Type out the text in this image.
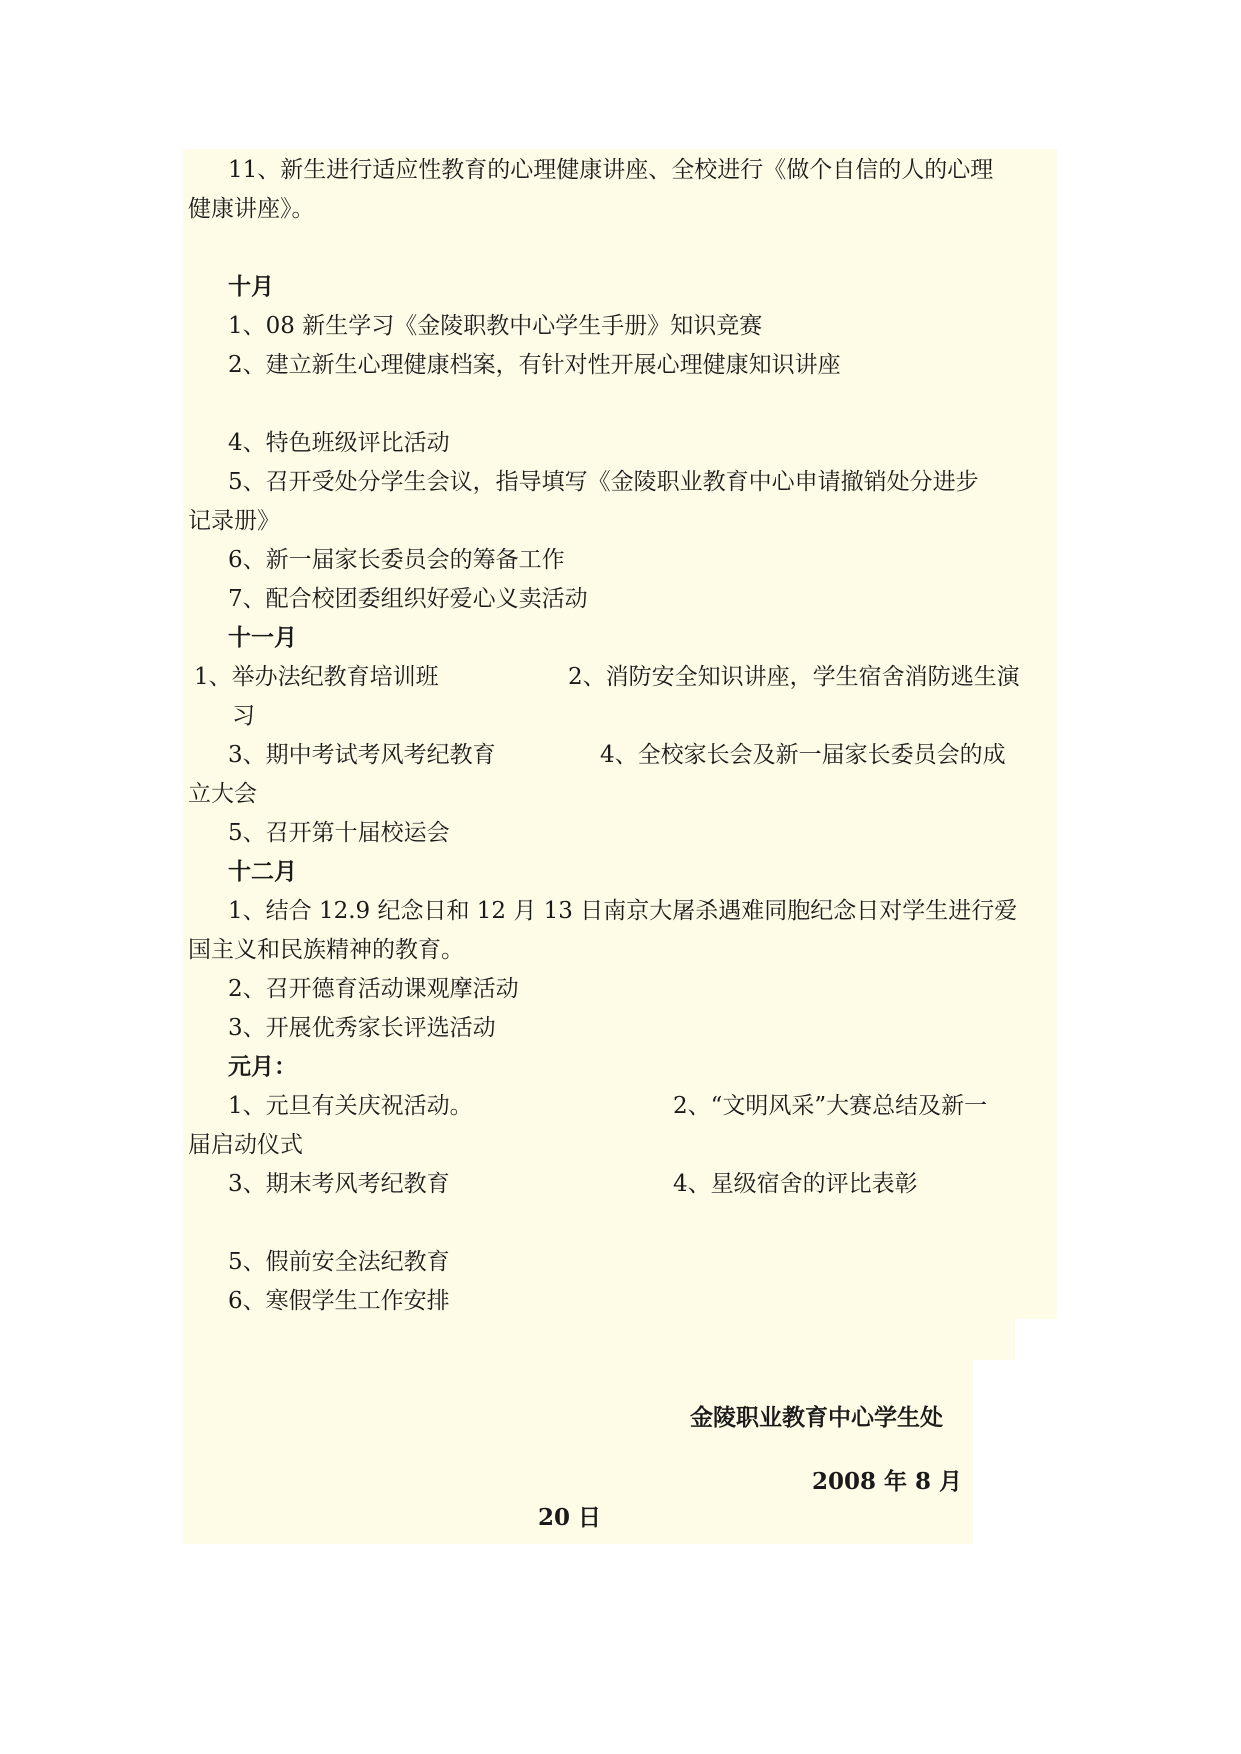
11、新生进行适应性教育的心理健康讲座、全校进行《做个自信的人的心理
健康讲座》。
十月
1、08 新生学习《金陵职教中心学生手册》知识竞赛
2、建立新生心理健康档案，有针对性开展心理健康知识讲座
4、特色班级评比活动
5、召开受处分学生会议，指导填写《金陵职业教育中心申请撤销处分进步
记录册》
6、新一届家长委员会的筹备工作
7、配合校团委组织好爱心义卖活动
十一月
1、举办法纪教育培训班	2、消防安全知识讲座，学生宿舍消防逃生演
习
3、期中考试考风考纪教育	4、全校家长会及新一届家长委员会的成
立大会
5、召开第十届校运会
十二月
1、结合 12.9 纪念日和 12 月 13 日南京大屠杀遇难同胞纪念日对学生进行爱
国主义和民族精神的教育。
2、召开德育活动课观摩活动
3、开展优秀家长评选活动
元月：
1、元旦有关庆祝活动。	2、“文明风采”大赛总结及新一
届启动仪式
3、期末考风考纪教育	4、星级宿舍的评比表彰
5、假前安全法纪教育
6、寒假学生工作安排
金陵职业教育中心学生处
2008 年 8 月
20 日
